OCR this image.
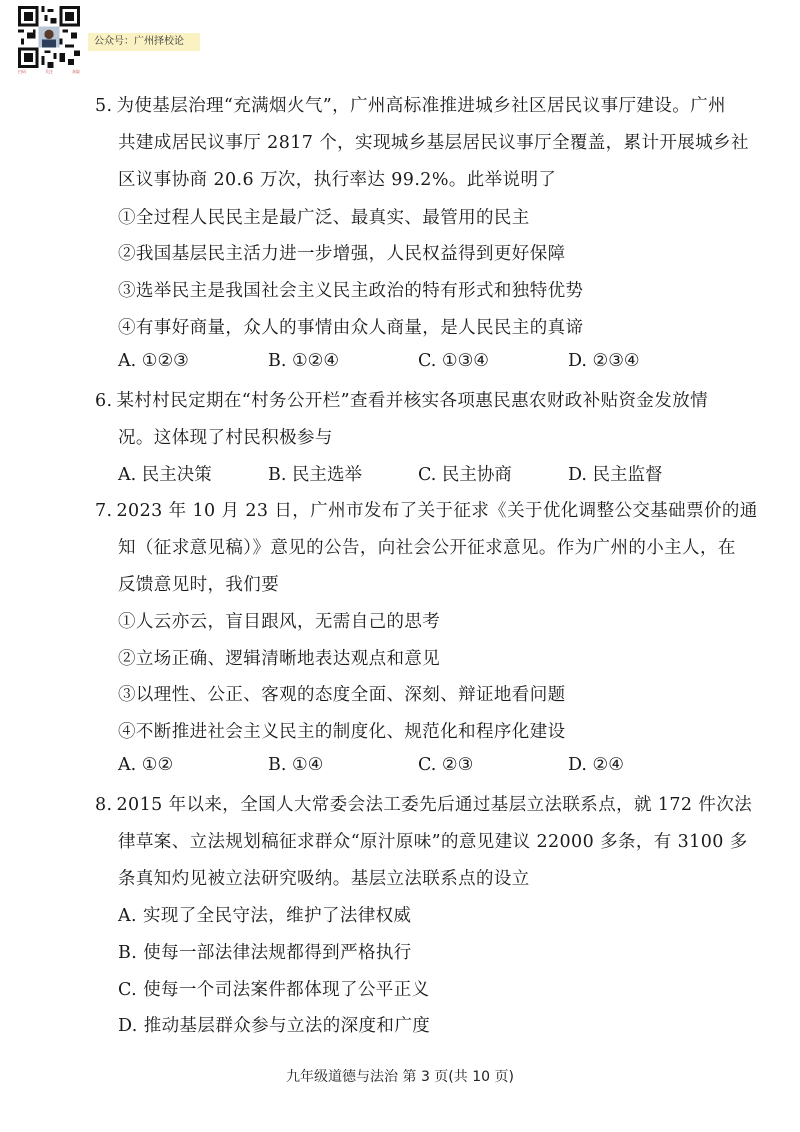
扫码	关注	获取
公众号：广州择校论
5. 为使基层治理“充满烟火气”，广州高标准推进城乡社区居民议事厅建设。广州
共建成居民议事厅 2817 个，实现城乡基层居民议事厅全覆盖，累计开展城乡社
区议事协商 20.6 万次，执行率达 99.2%。此举说明了
①全过程人民民主是最广泛、最真实、最管用的民主
②我国基层民主活力进一步增强，人民权益得到更好保障
③选举民主是我国社会主义民主政治的特有形式和独特优势
④有事好商量，众人的事情由众人商量，是人民民主的真谛
A. ①②③	B. ①②④	C. ①③④	D. ②③④
6. 某村村民定期在“村务公开栏”查看并核实各项惠民惠农财政补贴资金发放情
况。这体现了村民积极参与
A. 民主决策	B. 民主选举	C. 民主协商	D. 民主监督
7. 2023 年 10 月 23 日，广州市发布了关于征求《关于优化调整公交基础票价的通
知（征求意见稿）》意见的公告，向社会公开征求意见。作为广州的小主人，在
反馈意见时，我们要
①人云亦云，盲目跟风，无需自己的思考
②立场正确、逻辑清晰地表达观点和意见
③以理性、公正、客观的态度全面、深刻、辩证地看问题
④不断推进社会主义民主的制度化、规范化和程序化建设
A. ①②	B. ①④	C. ②③	D. ②④
8. 2015 年以来，全国人大常委会法工委先后通过基层立法联系点，就 172 件次法
律草案、立法规划稿征求群众“原汁原味”的意见建议 22000 多条，有 3100 多
条真知灼见被立法研究吸纳。基层立法联系点的设立
A. 实现了全民守法，维护了法律权威
B. 使每一部法律法规都得到严格执行
C. 使每一个司法案件都体现了公平正义
D. 推动基层群众参与立法的深度和广度
九年级道德与法治 第 3 页(共 10 页)
